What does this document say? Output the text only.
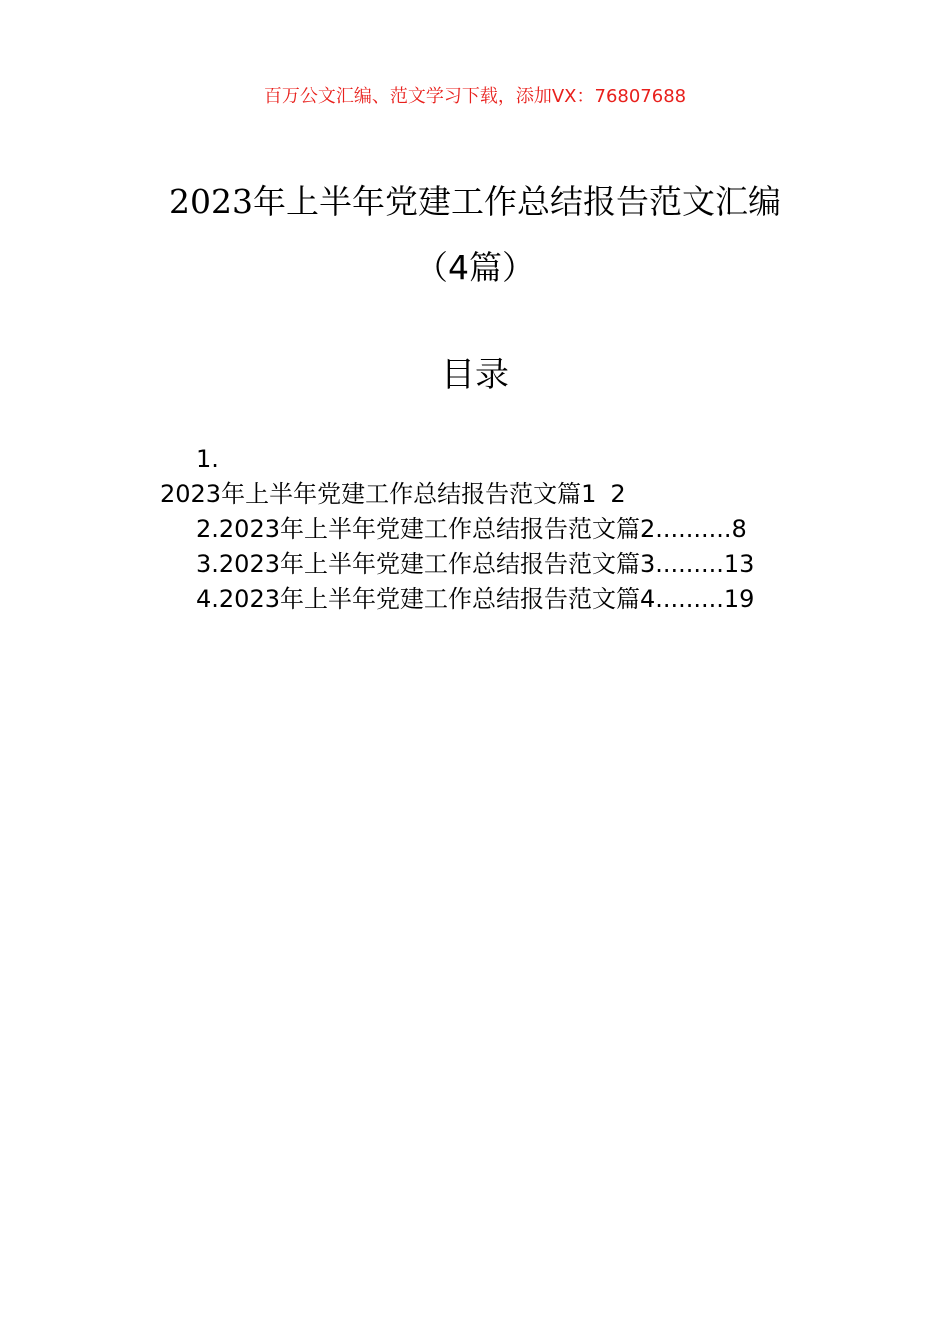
百万公文汇编、范文学习下载，添加VX：76807688
2023年上半年党建工作总结报告范文汇编
（4篇）
目录
1.
2023年上半年党建工作总结报告范文篇1 2
2.2023年上半年党建工作总结报告范文篇2..........8
3.2023年上半年党建工作总结报告范文篇3.........13
4.2023年上半年党建工作总结报告范文篇4.........19
